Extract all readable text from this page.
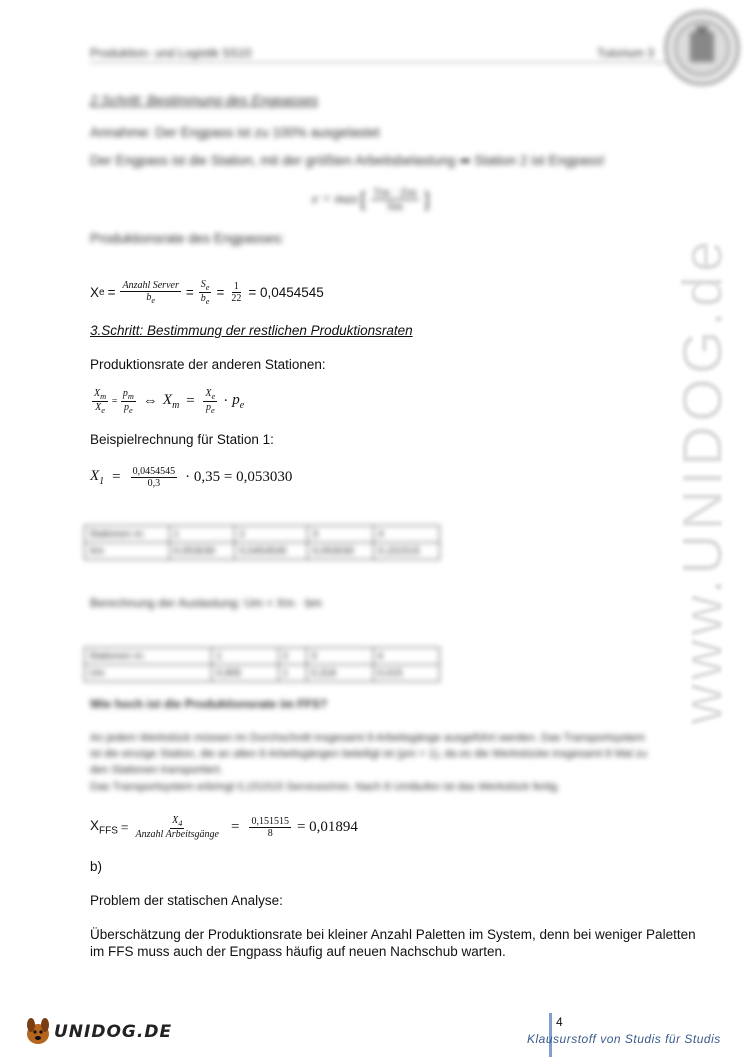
Produktion- und Logistik SS10	Tutorium 3
www.UNIDOG.de
2.Schritt: Bestimmung des Engpasses
Annahme: Der Engpass ist zu 100% ausgelastet
Der Engpass ist die Station, mit der größten Arbeitsbelastung ➡ Station 2 ist Engpass!
e = max [ $\frac{Tm \cdot Zm}{Sm}$ ]
Produktionsrate des Engpasses:
X $e = \frac{\text{Anzahl Server}}{b_e} = \frac{S_e}{b_e} = \frac{1}{22} = 0,0454545$
3.Schritt: Bestimmung der restlichen Produktionsraten
Produktionsrate der anderen Stationen:
$\frac{X_m}{X_e} = \frac{p_m}{p_e}$ ⇔ $X_m = \frac{X_e}{p_e} \cdot p_e$
Beispielrechnung für Station 1:
$X_1 = \frac{0,0454545}{0,3} \cdot 0,35 = 0,053030$
Stationen m:	1	2	3	4
Xm	0,053030	0,0454545	0,053030	0,151515
Berechnung der Auslastung: Um = Xm · bm
Stationen m:	1	2	3	4
Um	0,955	1	0,318	0,015
Wie hoch ist die Produktionsrate im FFS?
An jedem Werkstück müssen im Durchschnitt insgesamt 8 Arbeitsgänge ausgeführt werden. Das Transportsystem ist die einzige Station, die an allen 8 Arbeitsgängen beteiligt ist (pm = 1), da es die Werkstücke insgesamt 8 Mal zu den Stationen transportiert.
Das Transportsystem erbringt 0,151515 Services/min. Nach 8 Umläufen ist das Werkstück fertig.
$X_{FFS} = \frac{X_4}{\text{Anzahl Arbeitsgänge}} = \frac{0,151515}{8} = 0,01894$
b)
Problem der statischen Analyse:
Überschätzung der Produktionsrate bei kleiner Anzahl Paletten im System, denn bei weniger Paletten
im FFS muss auch der Engpass häufig auf neuen Nachschub warten.
UNIDOG.DE	4
Klausurstoff von Studis für Studis
